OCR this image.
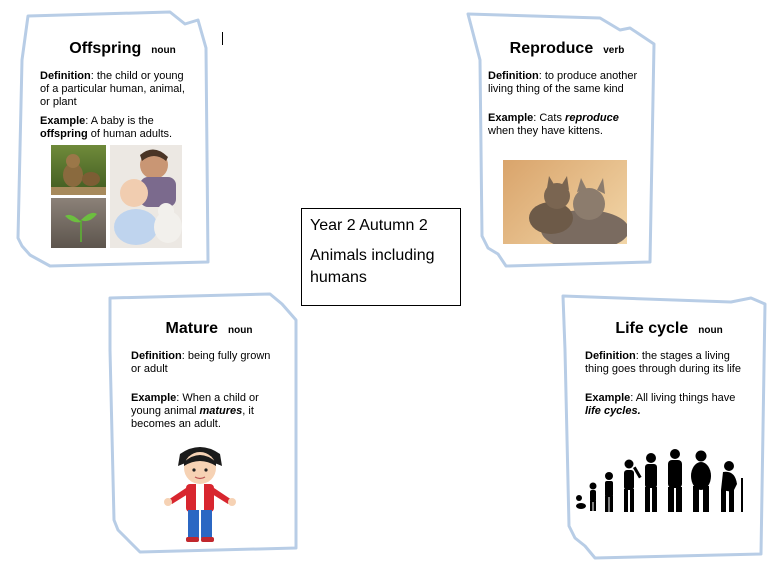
Offspring noun
Definition: the child or young of a particular human, animal, or plant
Example: A baby is the offspring of human adults.
Reproduce verb
Definition: to produce another living thing of the same kind
Example: Cats reproduce when they have kittens.
Year 2 Autumn 2
Animals including humans
Mature noun
Definition: being fully grown or adult
Example: When a child or young animal matures, it becomes an adult.
Life cycle noun
Definition: the stages a living thing goes through during its life
Example: All living things have life cycles.
